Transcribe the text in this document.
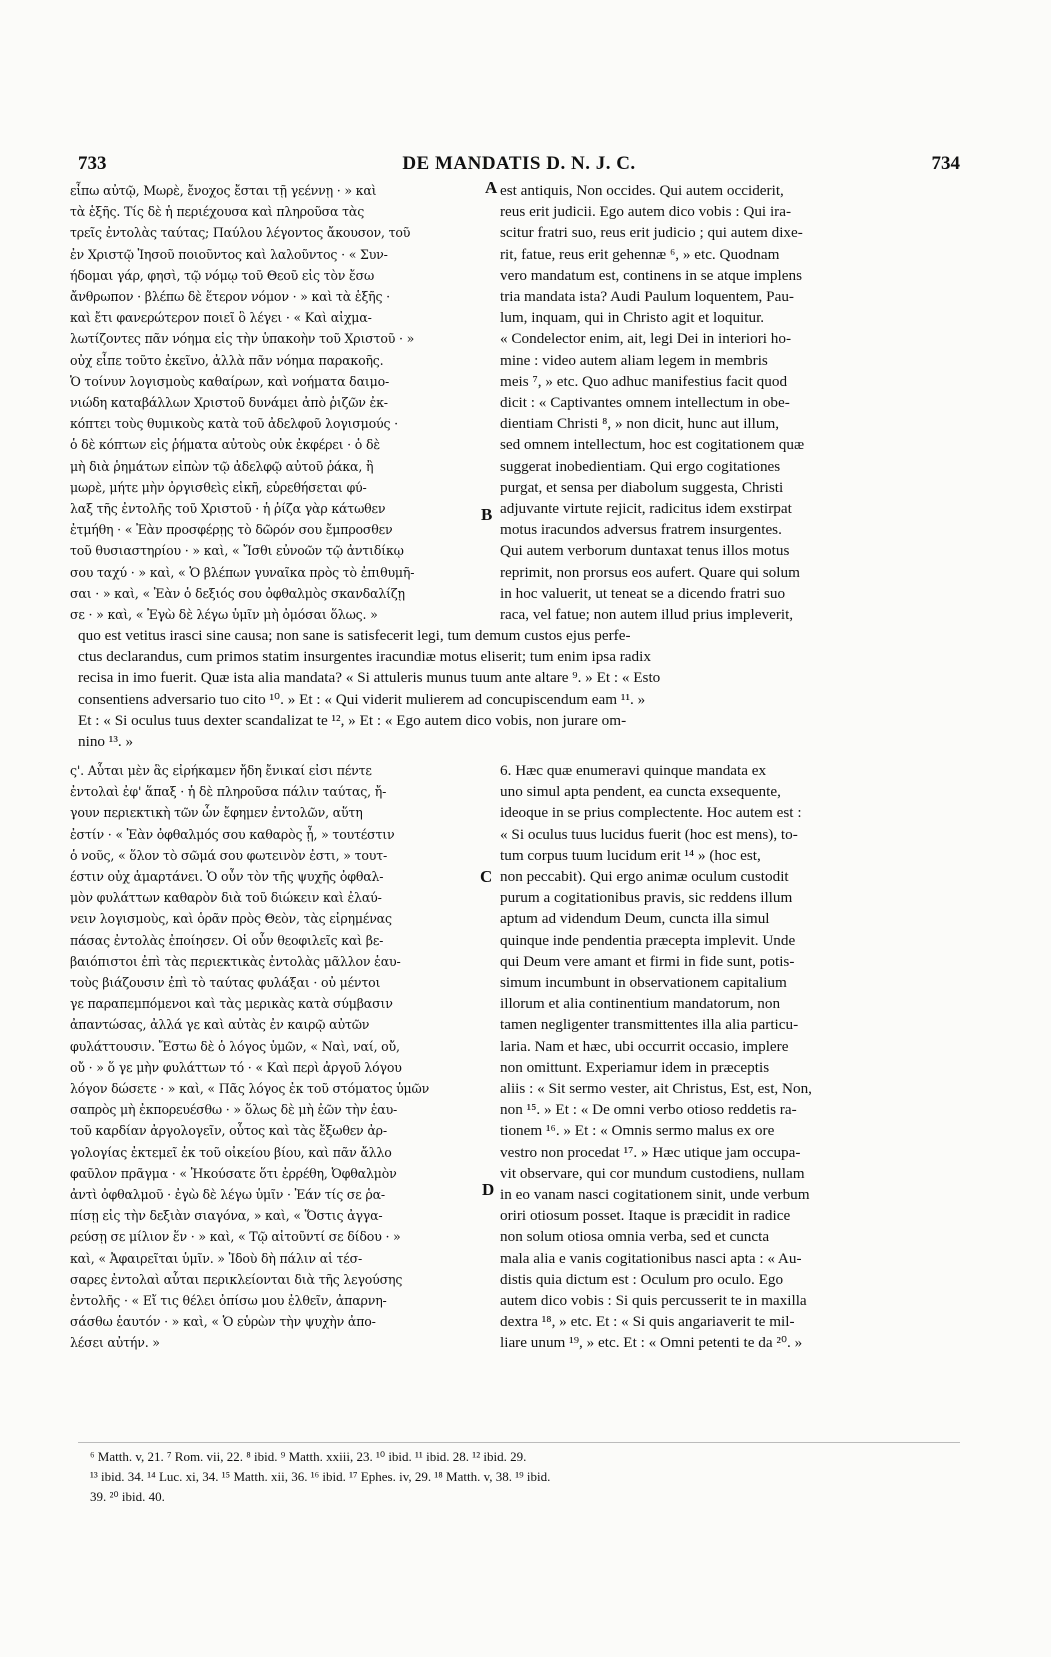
DE MANDATIS D. N. J. C.
733	734
εἶπω αὐτῷ, Μωρὲ, ἔνοχος ἔσται τῇ γεέννῃ · » καὶ
τὰ ἑξῆς. Τίς δὲ ἡ περιέχουσα καὶ πληροῦσα τὰς
τρεῖς ἐντολὰς ταύτας; Παύλου λέγοντος ἄκουσον, τοῦ
ἐν Χριστῷ Ἰησοῦ ποιοῦντος καὶ λαλοῦντος · « Συν-
ήδομαι γάρ, φησὶ, τῷ νόμῳ τοῦ Θεοῦ εἰς τὸν ἔσω
ἄνθρωπον · βλέπω δὲ ἕτερον νόμον · » καὶ τὰ ἑξῆς ·
καὶ ἔτι φανερώτερον ποιεῖ ὃ λέγει · « Καὶ αἰχμα-
λωτίζοντες πᾶν νόημα εἰς τὴν ὑπακοὴν τοῦ Χριστοῦ · »
οὐχ εἶπε τοῦτο ἐκεῖνο, ἀλλὰ πᾶν νόημα παρακοῆς.
Ὁ τοίνυν λογισμοὺς καθαίρων, καὶ νοήματα δαιμο-
νιώδη καταβάλλων Χριστοῦ δυνάμει ἀπὸ ῥιζῶν ἐκ-
κόπτει τοὺς θυμικοὺς κατὰ τοῦ ἀδελφοῦ λογισμούς ·
ὁ δὲ κόπτων εἰς ῥήματα αὐτοὺς οὐκ ἐκφέρει · ὁ δὲ
μὴ διὰ ῥημάτων εἰπὼν τῷ ἀδελφῷ αὐτοῦ ῥάκα, ἢ
μωρὲ, μήτε μὴν ὀργισθεὶς εἰκῆ, εὑρεθήσεται φύ-
λαξ τῆς ἐντολῆς τοῦ Χριστοῦ · ἡ ῥίζα γὰρ κάτωθεν
ἐτμήθη · « Ἐὰν προσφέρῃς τὸ δῶρόν σου ἔμπροσθεν
τοῦ θυσιαστηρίου · » καὶ, « Ἴσθι εὐνοῶν τῷ ἀντιδίκῳ
σου ταχύ · » καὶ, « Ὁ βλέπων γυναῖκα πρὸς τὸ ἐπιθυμῆ-
σαι · » καὶ, « Ἐὰν ὁ δεξιός σου ὀφθαλμὸς σκανδαλίζῃ
σε · » καὶ, « Ἐγὼ δὲ λέγω ὑμῖν μὴ ὀμόσαι ὅλως. »
A est antiquis, Non occides. Qui autem occiderit,
reus erit judicii. Ego autem dico vobis : Qui ira-
scitur fratri suo, reus erit judicio ; qui autem dixe-
rit, fatue, reus erit gehennæ ⁶, » etc. Quodnam
vero mandatum est, continens in se atque implens
tria mandata ista? Audi Paulum loquentem, Pau-
lum, inquam, qui in Christo agit et loquitur.
« Condelector enim, ait, legi Dei in interiori ho-
mine : video autem aliam legem in membris
meis ⁷, » etc. Quo adhuc manifestius facit quod
dicit : « Captivantes omnem intellectum in obe-
dientiam Christi ⁸, » non dicit, hunc aut illum,
sed omnem intellectum, hoc est cogitationem quæ
suggerat inobedientiam. Qui ergo cogitationes
purgat, et sensa per diabolum suggesta, Christi
adjuvante virtute rejicit, radicitus idem exstirpat
motus iracundos adversus fratrem insurgentes.
Qui autem verborum duntaxat tenus illos motus
reprimit, non prorsus eos aufert. Quare qui solum
in hoc valuerit, ut teneat se a dicendo fratri suo
raca, vel fatue; non autem illud prius impleverit,
B
quo est vetitus irasci sine causa; non sane is satisfecerit legi, tum demum custos ejus perfe-
ctus declarandus, cum primos statim insurgentes iracundiæ motus eliserit; tum enim ipsa radix
recisa in imo fuerit. Quæ ista alia mandata? « Si attuleris munus tuum ante altare ⁹. » Et : « Esto
consentiens adversario tuo cito ¹⁰. » Et : « Qui viderit mulierem ad concupiscendum eam ¹¹. »
Et : « Si oculus tuus dexter scandalizat te ¹², » Et : « Ego autem dico vobis, non jurare om-
nino ¹³. »
ς'. Αὗται μὲν ἃς εἰρήκαμεν ἤδη ἔνικαί εἰσι πέντε
ἐντολαὶ ἐφ' ἅπαξ · ἡ δὲ πληροῦσα πάλιν ταύτας, ἤ-
γουν περιεκτικὴ τῶν ὧν ἔφημεν ἐντολῶν, αὕτη
ἐστίν · « Ἐὰν ὀφθαλμός σου καθαρὸς ᾖ, » τουτέστιν
ὁ νοῦς, « ὅλον τὸ σῶμά σου φωτεινὸν ἐστι, » τουτ-
έστιν οὐχ ἁμαρτάνει. Ὁ οὖν τὸν τῆς ψυχῆς ὀφθαλ-
μὸν φυλάττων καθαρὸν διὰ τοῦ διώκειν καὶ ἐλαύ-
νειν λογισμοὺς, καὶ ὁρᾶν πρὸς Θεὸν, τὰς εἰρημένας
πάσας ἐντολὰς ἐποίησεν. Οἱ οὖν θεοφιλεῖς καὶ βε-
βαιόπιστοι ἐπὶ τὰς περιεκτικὰς ἐντολὰς μᾶλλον ἑαυ-
τοὺς βιάζουσιν ἐπὶ τὸ ταύτας φυλάξαι · οὐ μέντοι
γε παραπεμπόμενοι καὶ τὰς μερικὰς κατὰ σύμβασιν
ἀπαντώσας, ἀλλά γε καὶ αὐτὰς ἐν καιρῷ αὐτῶν
φυλάττουσιν. Ἔστω δὲ ὁ λόγος ὑμῶν, « Ναὶ, ναί, οὔ,
οὔ · » ὅ γε μὴν φυλάττων τό · « Καὶ περὶ ἀργοῦ λόγου
λόγον δώσετε · » καὶ, « Πᾶς λόγος ἐκ τοῦ στόματος ὑμῶν
σαπρὸς μὴ ἐκπορευέσθω · » ὅλως δὲ μὴ ἐῶν τὴν ἑαυ-
τοῦ καρδίαν ἀργολογεῖν, οὗτος καὶ τὰς ἔξωθεν ἀρ-
γολογίας ἐκτεμεῖ ἐκ τοῦ οἰκείου βίου, καὶ πᾶν ἄλλο
φαῦλον πρᾶγμα · « Ἠκούσατε ὅτι ἐρρέθη, Ὀφθαλμὸν
ἀντὶ ὀφθαλμοῦ · ἐγὼ δὲ λέγω ὑμῖν · Ἐάν τίς σε ῥα-
πίσῃ εἰς τὴν δεξιὰν σιαγόνα, » καὶ, « Ὅστις ἀγγα-
ρεύσῃ σε μίλιον ἕν · » καὶ, « Τῷ αἰτοῦντί σε δίδου · »
καὶ, « Ἀφαιρεῖται ὑμῖν. » Ἰδοὺ δὴ πάλιν αἱ τέσ-
σαρες ἐντολαὶ αὗται περικλείονται διὰ τῆς λεγούσης
ἐντολῆς · « Εἴ τις θέλει ὀπίσω μου ἐλθεῖν, ἀπαρνη-
σάσθω ἑαυτόν · » καὶ, « Ὁ εὑρὼν τὴν ψυχὴν ἀπο-
λέσει αὐτήν. »
C
6. Hæc quæ enumeravi quinque mandata ex
uno simul apta pendent, ea cuncta exsequente,
ideoque in se prius complectente. Hoc autem est :
« Si oculus tuus lucidus fuerit (hoc est mens), to-
tum corpus tuum lucidum erit ¹⁴ » (hoc est,
non peccabit). Qui ergo animæ oculum custodit
purum a cogitationibus pravis, sic reddens illum
aptum ad videndum Deum, cuncta illa simul
quinque inde pendentia præcepta implevit. Unde
qui Deum vere amant et firmi in fide sunt, potis-
simum incumbunt in observationem capitalium
illorum et alia continentium mandatorum, non
tamen negligenter transmittentes illa alia particu-
laria. Nam et hæc, ubi occurrit occasio, implere
non omittunt. Experiamur idem in præceptis
aliis : « Sit sermo vester, ait Christus, Est, est, Non,
non ¹⁵. » Et : « De omni verbo otioso reddetis ra-
tionem ¹⁶. » Et : « Omnis sermo malus ex ore
vestro non procedat ¹⁷. » Hæc utique jam occupa-
vit observare, qui cor mundum custodiens, nullam
in eo vanam nasci cogitationem sinit, unde verbum
oriri otiosum posset. Itaque is præcidit in radice
non solum otiosa omnia verba, sed et cuncta
mala alia e vanis cogitationibus nasci apta : « Au-
distis quia dictum est : Oculum pro oculo. Ego
autem dico vobis : Si quis percusserit te in maxilla
dextra ¹⁸, » etc. Et : « Si quis angariaverit te mil-
liare unum ¹⁹, » etc. Et : « Omni petenti te da ²⁰. »
D
⁶ Matth. v, 21. ⁷ Rom. vii, 22. ⁸ ibid. ⁹ Matth. xxiii, 23. ¹⁰ ibid. ¹¹ ibid. 28. ¹² ibid. 29.
¹³ ibid. 34. ¹⁴ Luc. xi, 34. ¹⁵ Matth. xii, 36. ¹⁶ ibid. ¹⁷ Ephes. iv, 29. ¹⁸ Matth. v, 38. ¹⁹ ibid.
39. ²⁰ ibid. 40.
